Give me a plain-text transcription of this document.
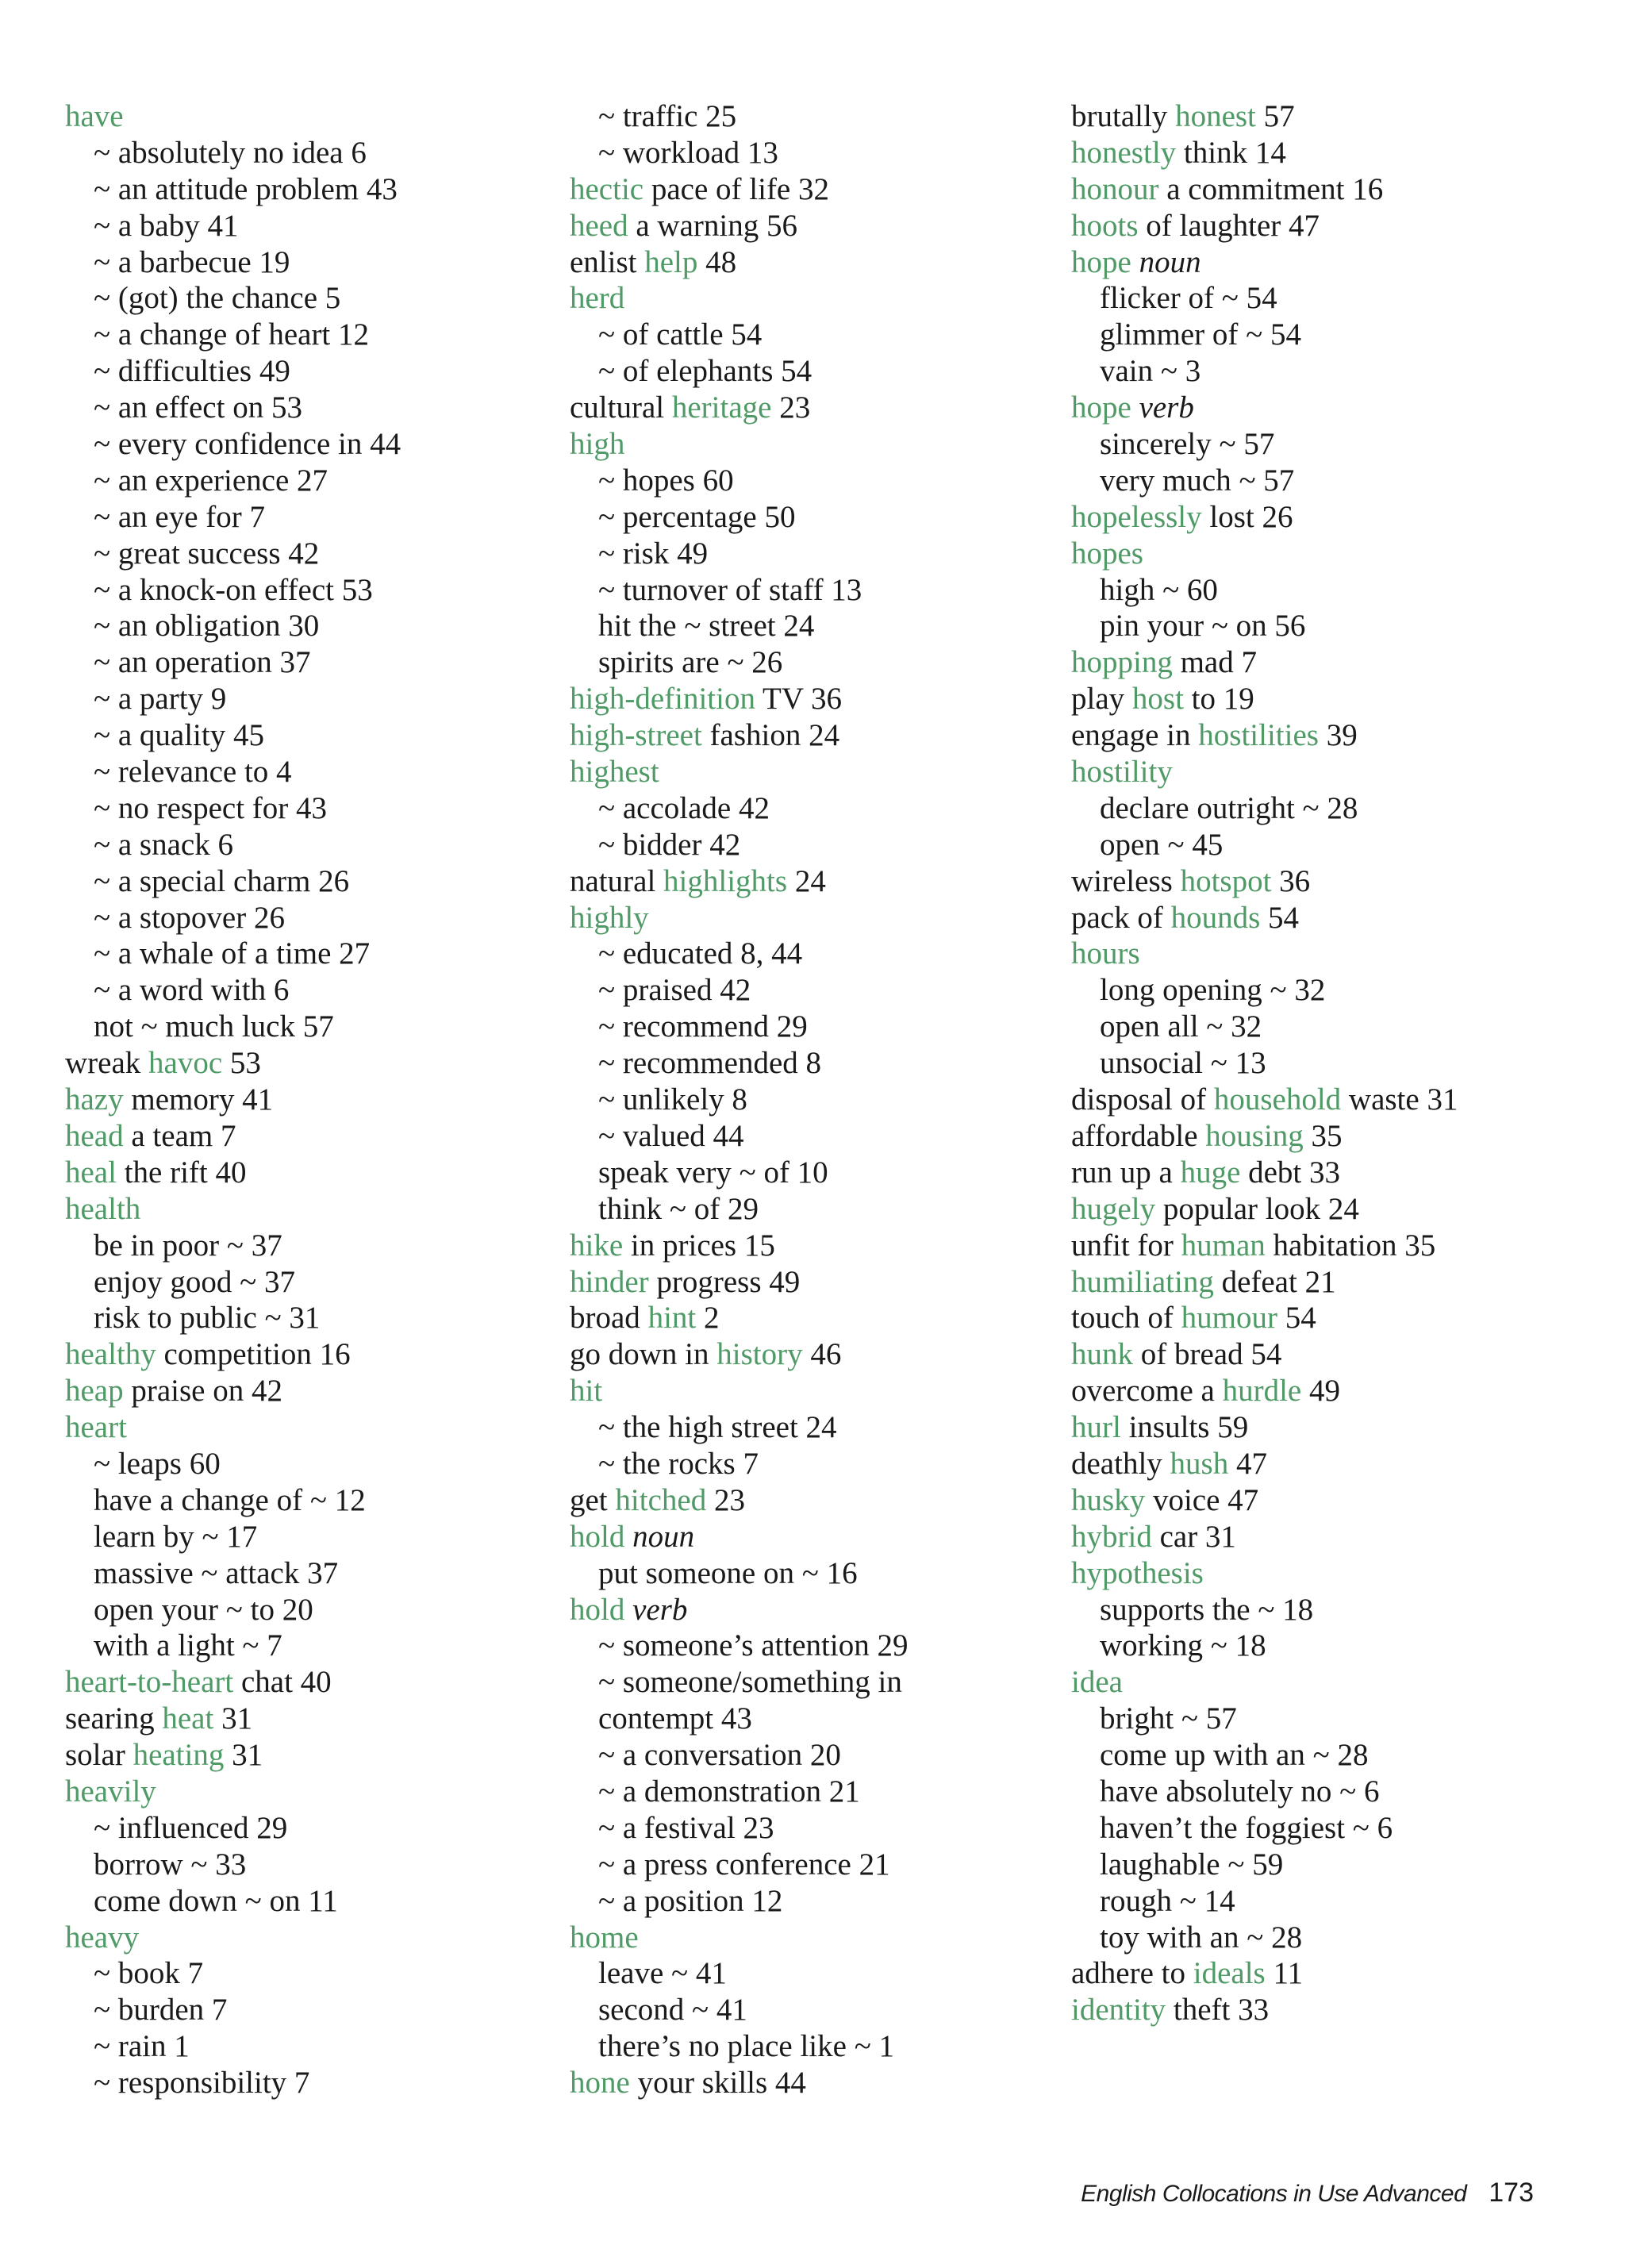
have
~ absolutely no idea 6
~ an attitude problem 43
~ a baby 41
~ a barbecue 19
~ (got) the chance 5
~ a change of heart 12
~ difficulties 49
~ an effect on 53
~ every confidence in 44
~ an experience 27
~ an eye for 7
~ great success 42
~ a knock-on effect 53
~ an obligation 30
~ an operation 37
~ a party 9
~ a quality 45
~ relevance to 4
~ no respect for 43
~ a snack 6
~ a special charm 26
~ a stopover 26
~ a whale of a time 27
~ a word with 6
not ~ much luck 57
wreak havoc 53
hazy memory 41
head a team 7
heal the rift 40
health
be in poor ~ 37
enjoy good ~ 37
risk to public ~ 31
healthy competition 16
heap praise on 42
heart
~ leaps 60
have a change of ~ 12
learn by ~ 17
massive ~ attack 37
open your ~ to 20
with a light ~ 7
heart-to-heart chat 40
searing heat 31
solar heating 31
heavily
~ influenced 29
borrow ~ 33
come down ~ on 11
heavy
~ book 7
~ burden 7
~ rain 1
~ responsibility 7
~ traffic 25
~ workload 13
hectic pace of life 32
heed a warning 56
enlist help 48
herd
~ of cattle 54
~ of elephants 54
cultural heritage 23
high
~ hopes 60
~ percentage 50
~ risk 49
~ turnover of staff 13
hit the ~ street 24
spirits are ~ 26
high-definition TV 36
high-street fashion 24
highest
~ accolade 42
~ bidder 42
natural highlights 24
highly
~ educated 8, 44
~ praised 42
~ recommend 29
~ recommended 8
~ unlikely 8
~ valued 44
speak very ~ of 10
think ~ of 29
hike in prices 15
hinder progress 49
broad hint 2
go down in history 46
hit
~ the high street 24
~ the rocks 7
get hitched 23
hold noun
put someone on ~ 16
hold verb
~ someone’s attention 29
~ someone/something in
contempt 43
~ a conversation 20
~ a demonstration 21
~ a festival 23
~ a press conference 21
~ a position 12
home
leave ~ 41
second ~ 41
there’s no place like ~ 1
hone your skills 44
brutally honest 57
honestly think 14
honour a commitment 16
hoots of laughter 47
hope noun
flicker of ~ 54
glimmer of ~ 54
vain ~ 3
hope verb
sincerely ~ 57
very much ~ 57
hopelessly lost 26
hopes
high ~ 60
pin your ~ on 56
hopping mad 7
play host to 19
engage in hostilities 39
hostility
declare outright ~ 28
open ~ 45
wireless hotspot 36
pack of hounds 54
hours
long opening ~ 32
open all ~ 32
unsocial ~ 13
disposal of household waste 31
affordable housing 35
run up a huge debt 33
hugely popular look 24
unfit for human habitation 35
humiliating defeat 21
touch of humour 54
hunk of bread 54
overcome a hurdle 49
hurl insults 59
deathly hush 47
husky voice 47
hybrid car 31
hypothesis
supports the ~ 18
working ~ 18
idea
bright ~ 57
come up with an ~ 28
have absolutely no ~ 6
haven’t the foggiest ~ 6
laughable ~ 59
rough ~ 14
toy with an ~ 28
adhere to ideals 11
identity theft 33
English Collocations in Use Advanced 173
